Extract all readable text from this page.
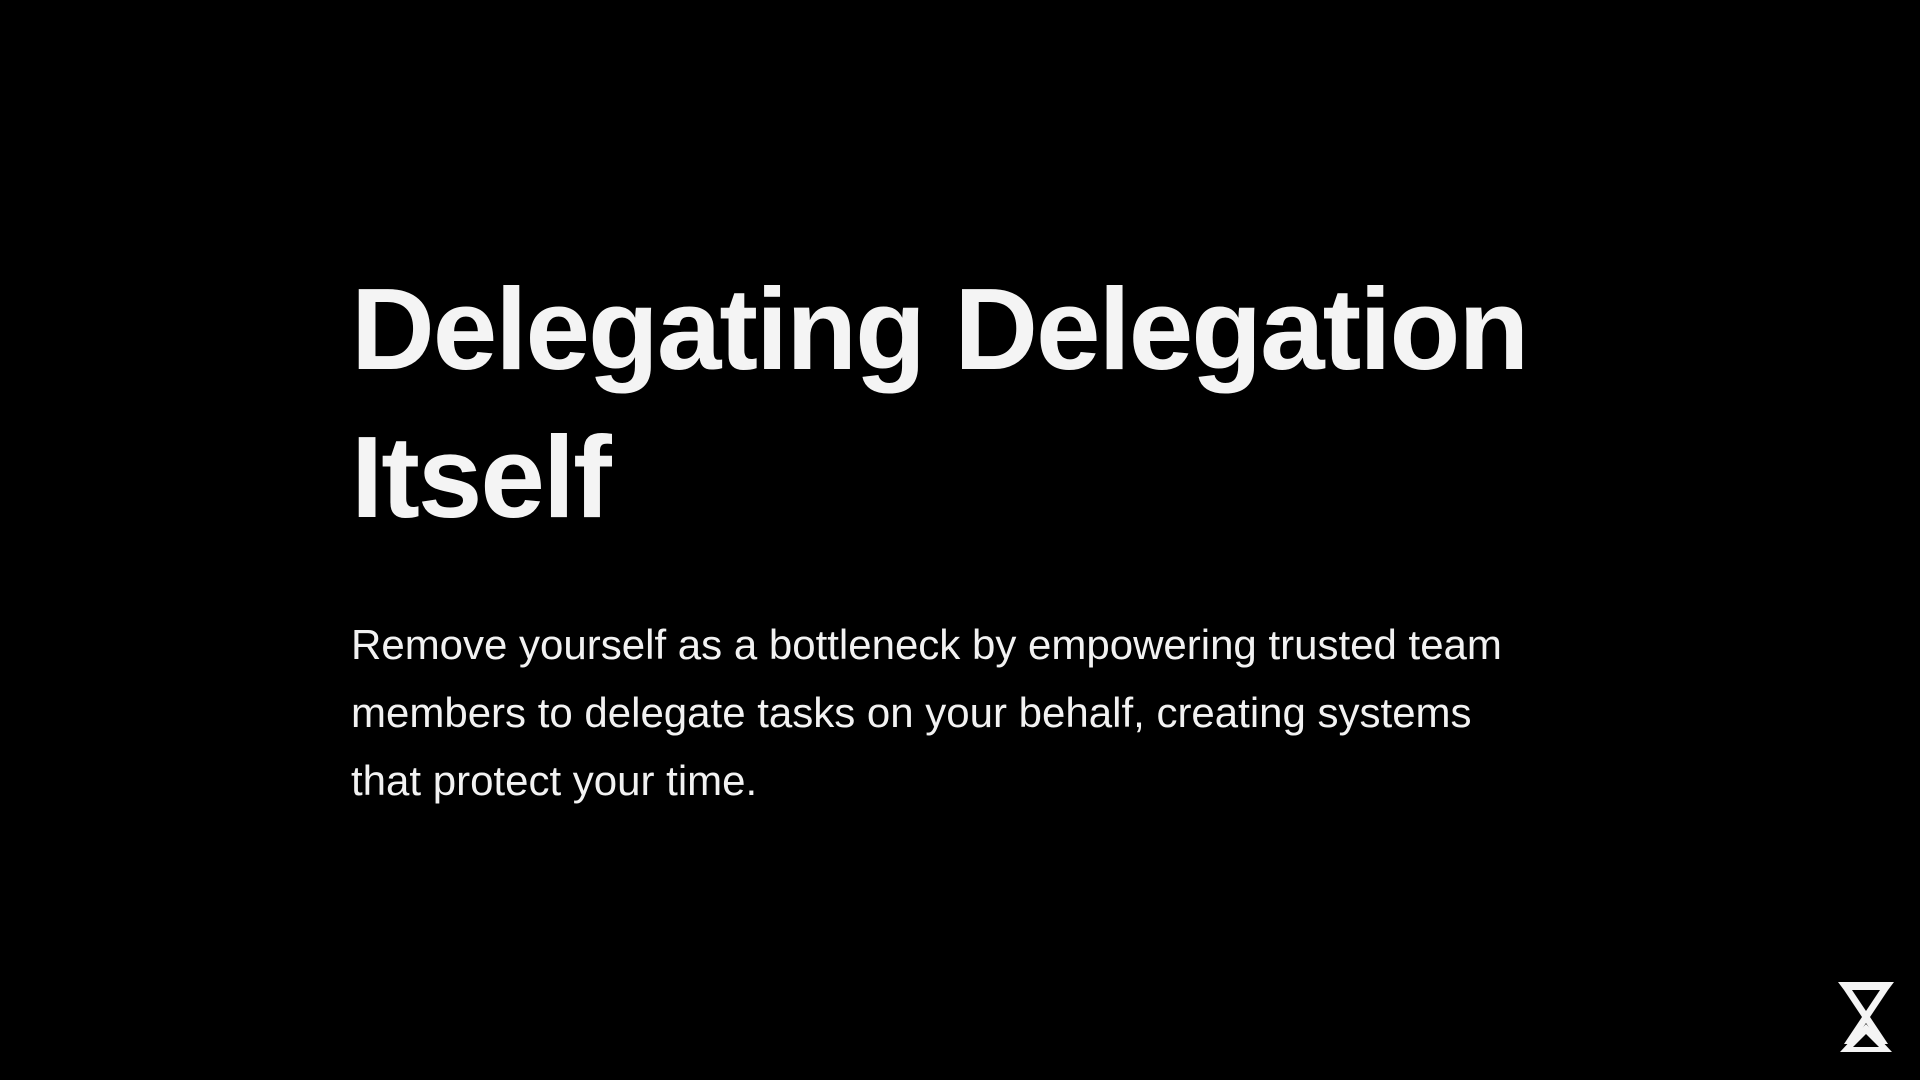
Delegating Delegation Itself

Remove yourself as a bottleneck by empowering trusted team members to delegate tasks on your behalf, creating systems that protect your time.
